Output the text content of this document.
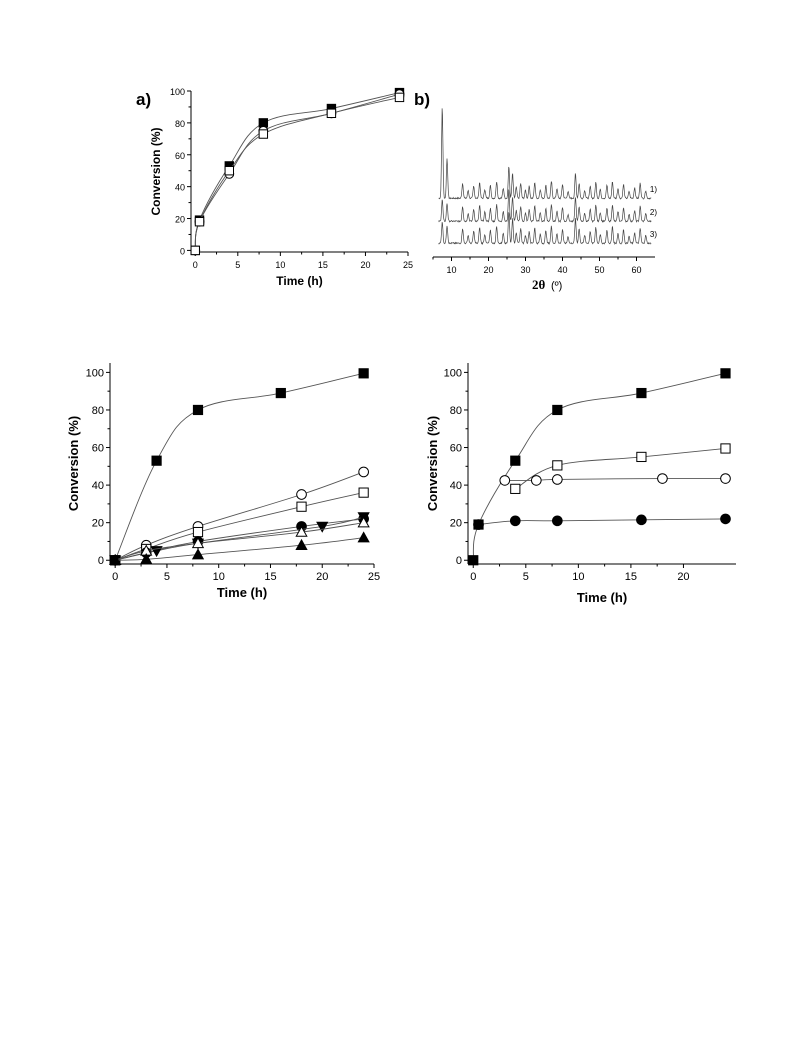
0	5	10	15	20	25
0
20
40
60
80
100
Time (h)
Conversion (%)
a)	b)
10	20	30	40	50	60
2θ (º)
1)
2)
3)
0	5	10	15	20	25
0
20
40
60
80
100
Time (h)
Conversion (%)
0	5	10	15	20
0
20
40
60
80
100
Time (h)
Conversion (%)
